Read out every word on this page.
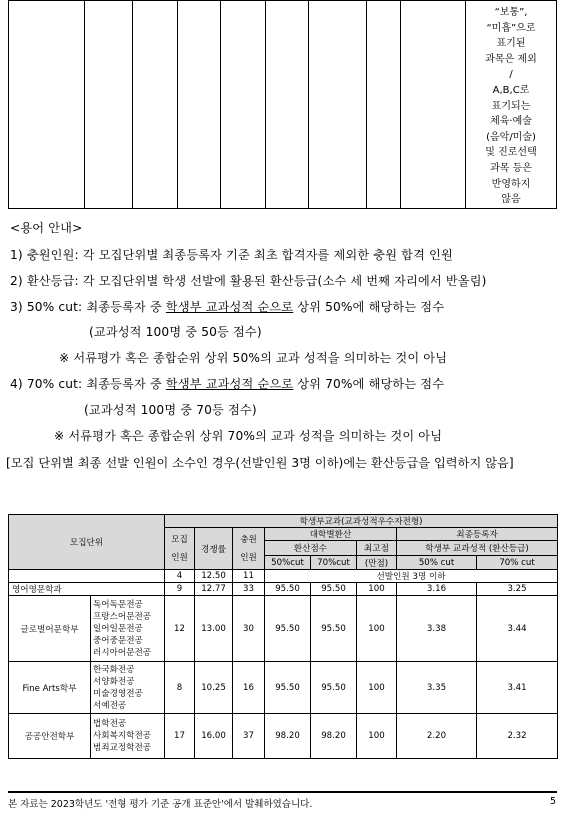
“보통”,
“미흡”으로
표기된
과목은 제외
/
A,B,C로
표기되는
체육·예술
(음악/미술)
및 진로선택
과목 등은
반영하지
않음
<용어 안내>
1) 충원인원: 각 모집단위별 최종등록자 기준 최초 합격자를 제외한 충원 합격 인원
2) 환산등급: 각 모집단위별 학생 선발에 활용된 환산등급(소수 세 번째 자리에서 반올림)
3) 50% cut: 최종등록자 중 학생부 교과성적 순으로 상위 50%에 해당하는 점수
(교과성적 100명 중 50등 점수)
※ 서류평가 혹은 종합순위 상위 50%의 교과 성적을 의미하는 것이 아님
4) 70% cut: 최종등록자 중 학생부 교과성적 순으로 상위 70%에 해당하는 점수
(교과성적 100명 중 70등 점수)
※ 서류평가 혹은 종합순위 상위 70%의 교과 성적을 의미하는 것이 아님
[모집 단위별 최종 선발 인원이 소수인 경우(선발인원 3명 이하)에는 환산등급을 입력하지 않음]
모집단위		학생부교과(교과성적우수자전형)							
		모집
인원	경쟁률	충원
인원	대학별환산			최종등록자	
					환산점수		최고점	학생부 교과성적 (환산등급)	
					50%cut	70%cut	(만점)	50% cut	70% cut
		4	12.50	11	선발인원 3명 이하				
영어영문학과		9	12.77	33	95.50	95.50	100	3.16	3.25
글로벌어문학부	독어독문전공
프랑스어문전공
일어일문전공
중어중문전공
러시아어문전공	12	13.00	30	95.50	95.50	100	3.38	3.44
Fine Arts학부	한국화전공
서양화전공
미술경영전공
서예전공	8	10.25	16	95.50	95.50	100	3.35	3.41
공공안전학부	법학전공
사회복지학전공
범죄교정학전공	17	16.00	37	98.20	98.20	100	2.20	2.32
본 자료는 2023학년도 '전형 평가 기준 공개 표준안'에서 발췌하였습니다.	5
